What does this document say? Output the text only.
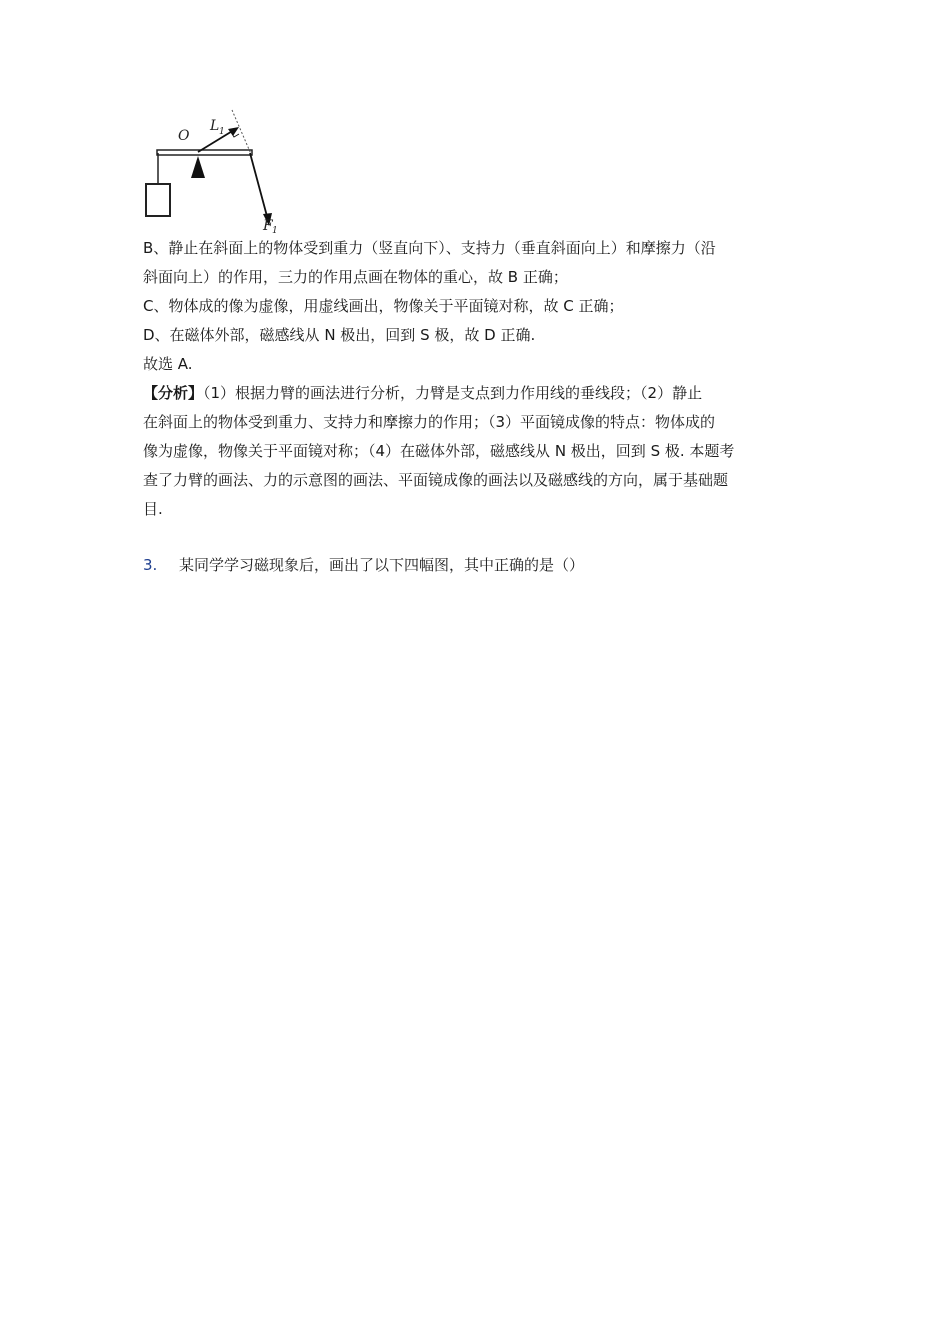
O
L 1
F 1
B、静止在斜面上的物体受到重力（竖直向下）、支持力（垂直斜面向上）和摩擦力（沿
斜面向上）的作用，三力的作用点画在物体的重心，故 B 正确；
C、物体成的像为虚像，用虚线画出，物像关于平面镜对称，故 C 正确；
D、在磁体外部，磁感线从 N 极出，回到 S 极，故 D 正确.
故选 A.
【分析】（1）根据力臂的画法进行分析，力臂是支点到力作用线的垂线段；（2）静止
在斜面上的物体受到重力、支持力和摩擦力的作用；（3）平面镜成像的特点：物体成的
像为虚像，物像关于平面镜对称；（4）在磁体外部，磁感线从 N 极出，回到 S 极. 本题考
查了力臂的画法、力的示意图的画法、平面镜成像的画法以及磁感线的方向，属于基础题
目.
3. 某同学学习磁现象后，画出了以下四幅图，其中正确的是（）
